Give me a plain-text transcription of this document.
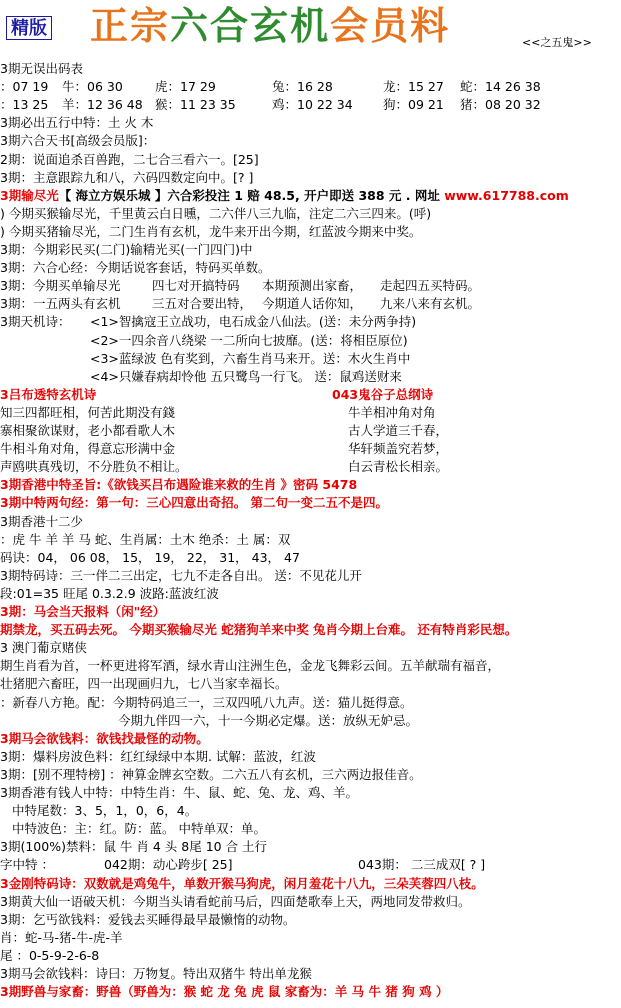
精版 正宗六合玄机会员料	<<之五鬼>>
3期无误出码表
：07 19 牛：06 30	虎：17 29	兔：16 28	龙：15 27 蛇：14 26 38
：13 25 羊：12 36 48 猴：11 23 35	鸡：10 22 34 狗：09 21 猪：08 20 32
3期必出五行中特：土 火 木
3期六合天书[高级会员版]：
2期：说面追杀百兽跑，二七合三看六一。[25]
3期：主意跟踪九和八，六码四数定向中。[? ]
3期输尽光【 海立方娱乐城 】六合彩投注 1 赔 48.5, 开户即送 388 元 . 网址 www.617788.com
) 今期买猴输尽光，千里黄云白日曛，二六伴八三九临，注定二六三四来。(呼)
) 今期买猪输尽光，二门生肖有玄机，龙牛来开出今期，红蓝波今期来中奖。
3期：今期彩民买(二门)输精光买(一门四门)中
3期：六合心经：今期话说客套话，特码买单数。
3期：今期买单输尽光	四七对开搞特码 本期预测出家畜， 走起四五买特码。
3期：一五两头有玄机	三五对合要出特， 今期道人话你知， 九来八来有玄机。
3期天机诗： <1>智擒寇王立战功，电石成金八仙法。(送：未分两争持)
<2>一四余音八绕梁 一二所向七披靡。(送：将相臣原位)
<3>蓝绿波 色有奖到，六畜生肖马来开。送：木火生肖中
<4>只嫌春病却怜他 五只鹭鸟一行飞。 送：鼠鸡送财来
3吕布透特玄机诗	043鬼谷子总纲诗
知三四都旺相，何苦此期没有錢	牛羊相冲角对角
寨相聚欲谋财，老小都看歌人木	古人学道三千春，
牛相斗角对角，得意忘形满中金	华轩频盖究若梦，
声鸥哄真残切，不分胜负不相让。	白云青松长相亲。
3期香港中特圣旨:《欲钱买吕布遇险谁来救的生肖 》密码 5478
3期中特两句经：第一句：三心四意出奇招。 第二句一变二五不是四。
3期香港十二少
：虎 牛 羊 羊 马 蛇、生肖属：土木 绝杀：土 属：双
码诀：04， 06 08， 15， 19， 22， 31， 43， 47
3期特码诗：三一伴二三出定，七九不走各自出。 送：不见花儿开
段:01=35 旺尾 0.3.2.9 波路:蓝波红波
3期：马会当天报料（闲"经）
期禁龙，买五码去死。 今期买猴输尽光 蛇猪狗羊来中奖 兔肖今期上台难。 还有特肖彩民想。
3 澳门葡京赌侠
期生肖看为首，一杯更进将军酒，绿水青山注洲生色，金龙飞舞彩云间。五羊献瑞有福音，
壮猪肥六畜旺，四一出现画归九，七八当家幸福长。
：新春八方艳。配：今期特码追三一，三双四吼八九声。送：猫儿挺得意。
今期九伴四一六，十一今期必定爆。送：放纵无妒忌。
3期马会欲钱料：欲钱找最怪的动物。
3期：爆料房波色料：红红绿绿中本期. 试解：蓝波，红波
3期：[别不理特榜] ：神算金牌玄空数。二六五八有玄机，三六两边报佳音。
3期香港有钱人中特：中特生肖：牛、鼠、蛇、兔、龙、鸡、羊。
中特尾数：3、5，1，0，6，4。
中特波色：主：红。防：蓝。 中特单双：单。
3期(100%)禁料：鼠 牛 肖 4 头 8尾 10 合 土行
字中特 ：	042期：动心跨步[ 25]	043期： 二三成双[ ? ]
3金刚特码诗：双数就是鸡兔牛，单数开猴马狗虎，闲月羞花十八九，三朵芙蓉四八枝。
3期黄大仙一语破天机：今期当头请看蛇前马后，四面楚歌奉上天，两地同发带救归。
3期：乞丐欲钱料：爱钱去买睡得最早最懒惰的动物。
肖：蛇-马-猪-牛-虎-羊
尾 ：0-5-9-2-6-8
3期马会欲钱料：诗曰：万物复。特出双猪牛 特出单龙猴
3期野兽与家畜：野兽（野兽为：猴 蛇 龙 兔 虎 鼠 家畜为：羊 马 牛 猪 狗 鸡 ）
